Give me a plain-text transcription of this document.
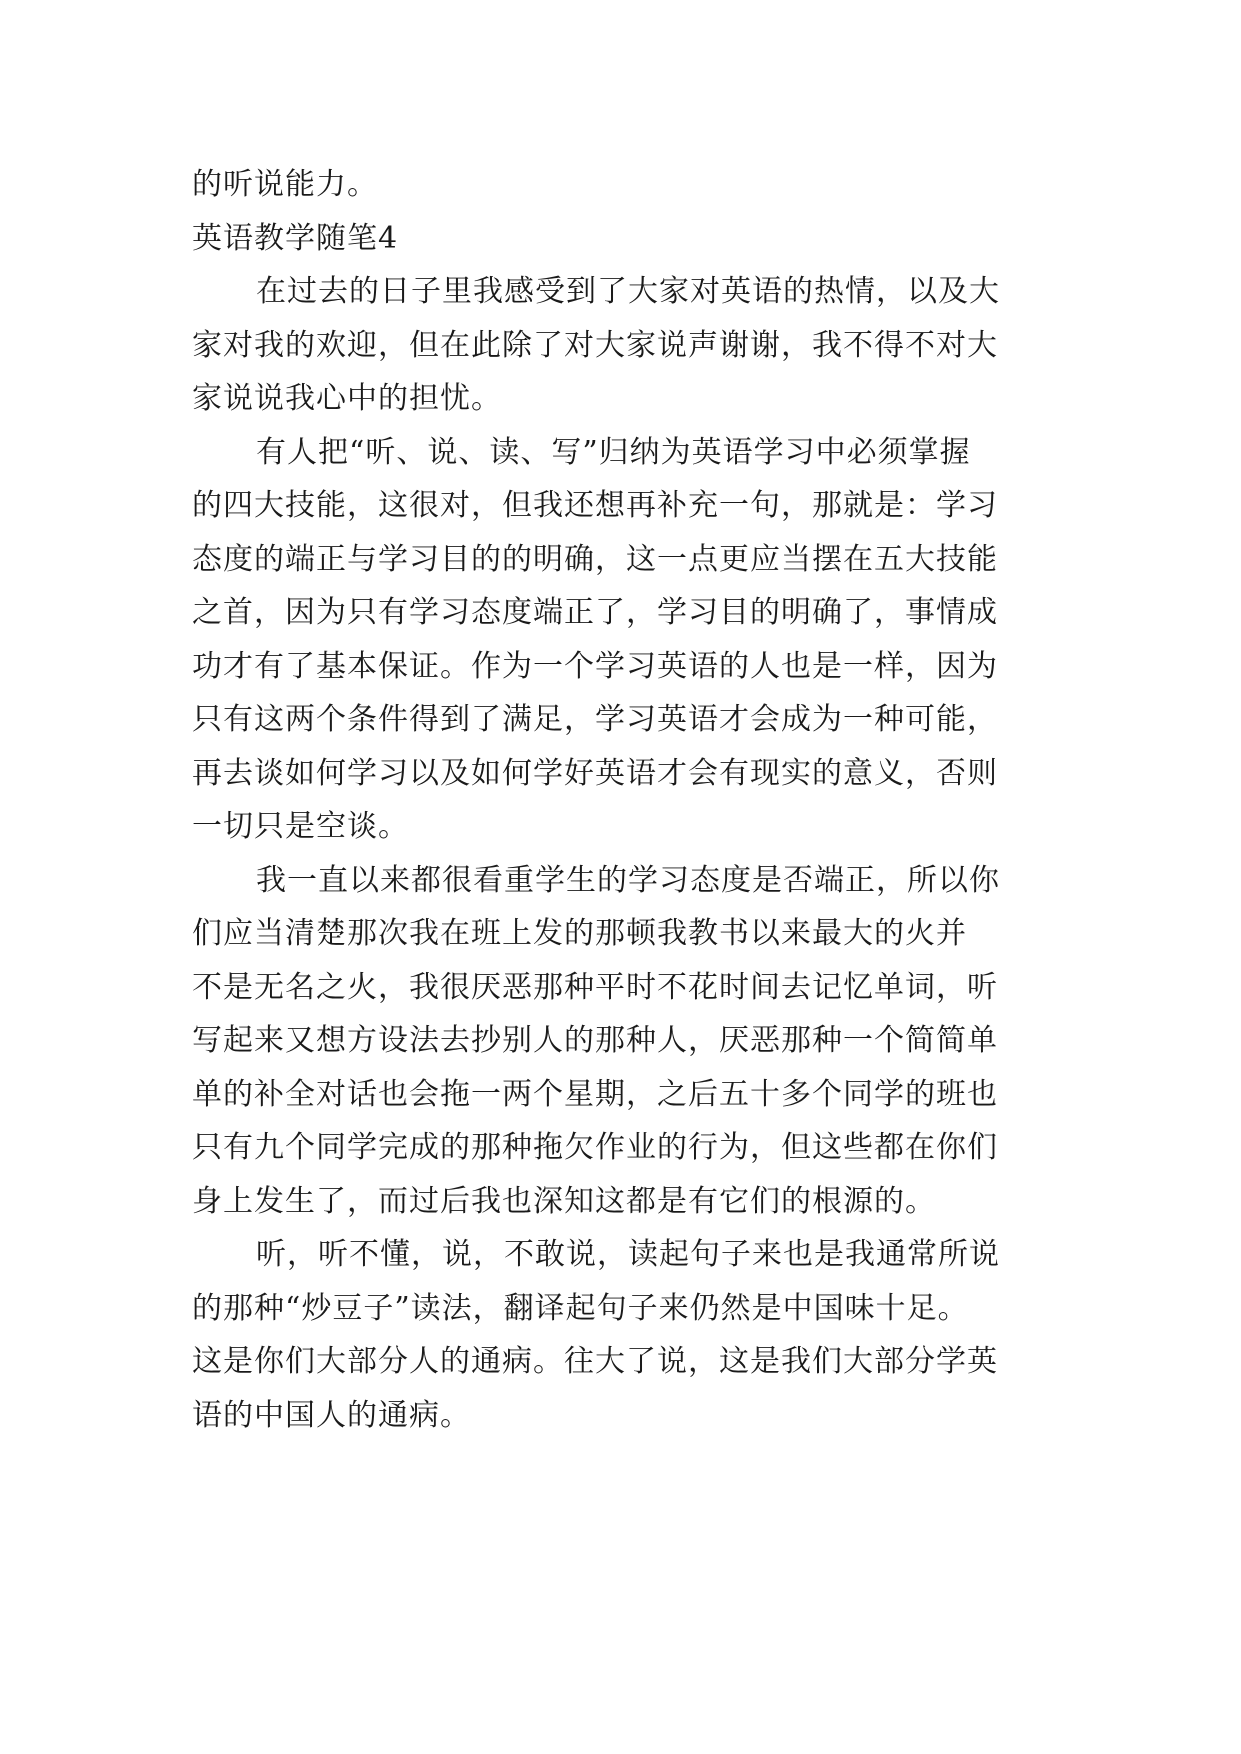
的听说能力。
英语教学随笔4
在过去的日子里我感受到了大家对英语的热情，以及大
家对我的欢迎，但在此除了对大家说声谢谢，我不得不对大
家说说我心中的担忧。
有人把“听、说、读、写”归纳为英语学习中必须掌握
的四大技能，这很对，但我还想再补充一句，那就是：学习
态度的端正与学习目的的明确，这一点更应当摆在五大技能
之首，因为只有学习态度端正了，学习目的明确了，事情成
功才有了基本保证。作为一个学习英语的人也是一样，因为
只有这两个条件得到了满足，学习英语才会成为一种可能，
再去谈如何学习以及如何学好英语才会有现实的意义，否则
一切只是空谈。
我一直以来都很看重学生的学习态度是否端正，所以你
们应当清楚那次我在班上发的那顿我教书以来最大的火并
不是无名之火，我很厌恶那种平时不花时间去记忆单词，听
写起来又想方设法去抄别人的那种人，厌恶那种一个简简单
单的补全对话也会拖一两个星期，之后五十多个同学的班也
只有九个同学完成的那种拖欠作业的行为，但这些都在你们
身上发生了，而过后我也深知这都是有它们的根源的。
听，听不懂，说，不敢说，读起句子来也是我通常所说
的那种“炒豆子”读法，翻译起句子来仍然是中国味十足。
这是你们大部分人的通病。往大了说，这是我们大部分学英
语的中国人的通病。
